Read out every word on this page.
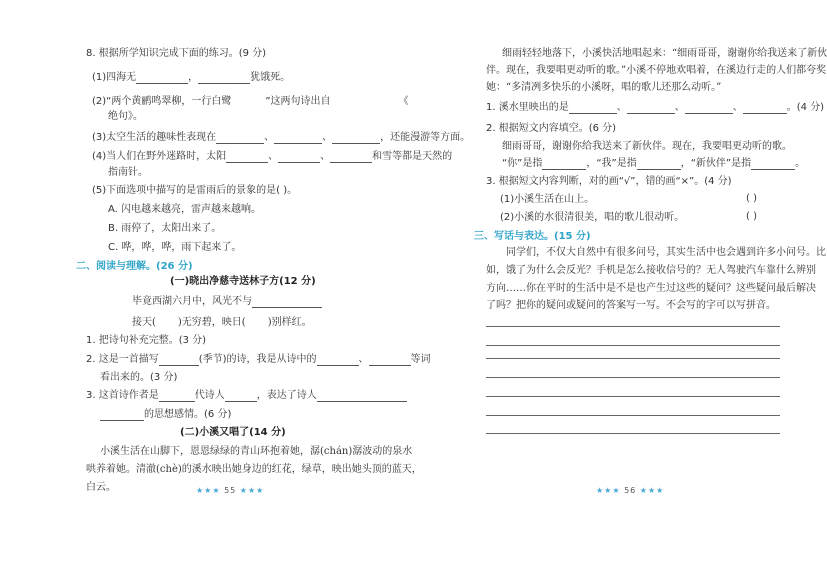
8. 根据所学知识完成下面的练习。(9 分)
(1)四海无	，	犹饿死。
(2)“两个黄鹂鸣翠柳，一行白鹭	”这两句诗出自	《
绝句》。
(3)太空生活的趣味性表现在	、	、	，还能漫游等方面。
(4)当人们在野外迷路时，太阳	、	、	和雪等都是天然的
指南针。
(5)下面选项中描写的是雷雨后的景象的是( )。
A. 闪电越来越亮，雷声越来越响。
B. 雨停了，太阳出来了。
C. 哗，哗，哗，雨下起来了。
二、阅读与理解。(26 分)
(一)晓出净慈寺送林子方(12 分)
毕竟西湖六月中，风光不与
接天( )无穷碧，映日( )别样红。
1. 把诗句补充完整。(3 分)
2. 这是一首描写	(季节)的诗，我是从诗中的	、	等词
看出来的。(3 分)
3. 这首诗作者是	代诗人	，表达了诗人
的思想感情。(6 分)
(二)小溪又唱了(14 分)
小溪生活在山脚下，恩恩绿绿的青山环抱着她，潺(chán)潺波动的泉水
哄养着她。清澈(chè)的溪水映出她身边的红花，绿草，映出她头顶的蓝天，
白云。	★★★ 55 ★★★
细雨轻轻地落下，小溪快活地唱起来：“细雨哥哥，谢谢你给我送来了新伙
伴。现在，我要唱更动听的歌。”小溪不停地欢唱着，在溪边行走的人们都夸奖
她：“多清冽多快乐的小溪呀，唱的歌儿还那么动听。”
1. 溪水里映出的是	、	、	、	。(4 分)
2. 根据短文内容填空。(6 分)
细雨哥哥，谢谢你给我送来了新伙伴。现在，我要唱更动听的歌。
“你”是指	，“我”是指	，“新伙伴”是指	。
3. 根据短文内容判断，对的画“√”，错的画“×”。(4 分)
(1)小溪生活在山上。	( )
(2)小溪的水很清很美，唱的歌儿很动听。	( )
三、写话与表达。(15 分)
同学们，不仅大自然中有很多问号，其实生活中也会遇到许多小问号。比
如，饿了为什么会反光？手机是怎么接收信号的？无人驾驶汽车靠什么辨别
方向……你在平时的生活中是不是也产生过这些的疑问？这些疑问最后解决
了吗？把你的疑问或疑问的答案写一写。不会写的字可以写拼音。
★★★ 56 ★★★
